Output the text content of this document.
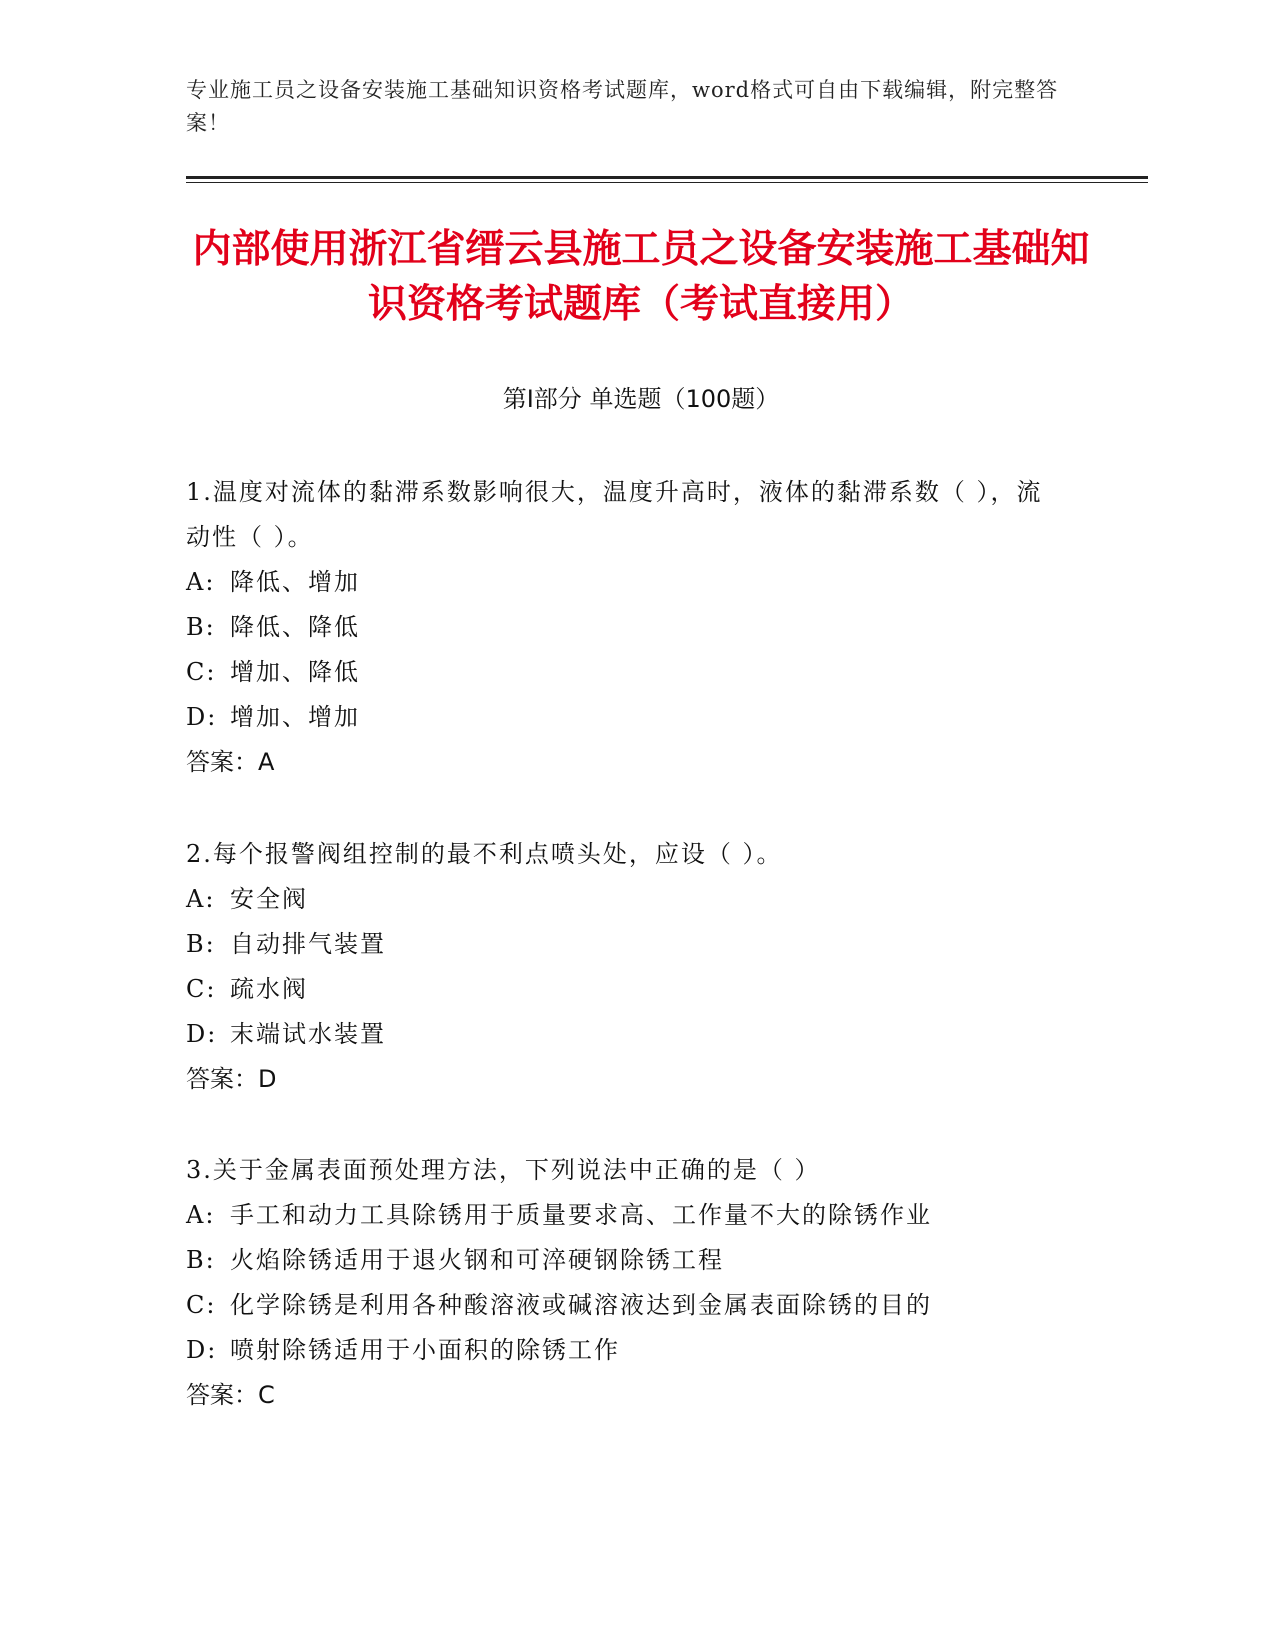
专业施工员之设备安装施工基础知识资格考试题库，word格式可自由下载编辑，附完整答案！
内部使用浙江省缙云县施工员之设备安装施工基础知识资格考试题库（考试直接用）
第Ⅰ部分 单选题（100题）

1.温度对流体的黏滞系数影响很大，温度升高时，液体的黏滞系数（ ），流动性（ ）。

A: 降低、增加

B: 降低、降低

C: 增加、降低

D: 增加、增加

答案：A

2.每个报警阀组控制的最不利点喷头处，应设（ ）。

A: 安全阀

B: 自动排气装置

C: 疏水阀

D: 末端试水装置

答案：D

3.关于金属表面预处理方法，下列说法中正确的是（ ）

A: 手工和动力工具除锈用于质量要求高、工作量不大的除锈作业

B: 火焰除锈适用于退火钢和可淬硬钢除锈工程

C: 化学除锈是利用各种酸溶液或碱溶液达到金属表面除锈的目的

D: 喷射除锈适用于小面积的除锈工作

答案：C
